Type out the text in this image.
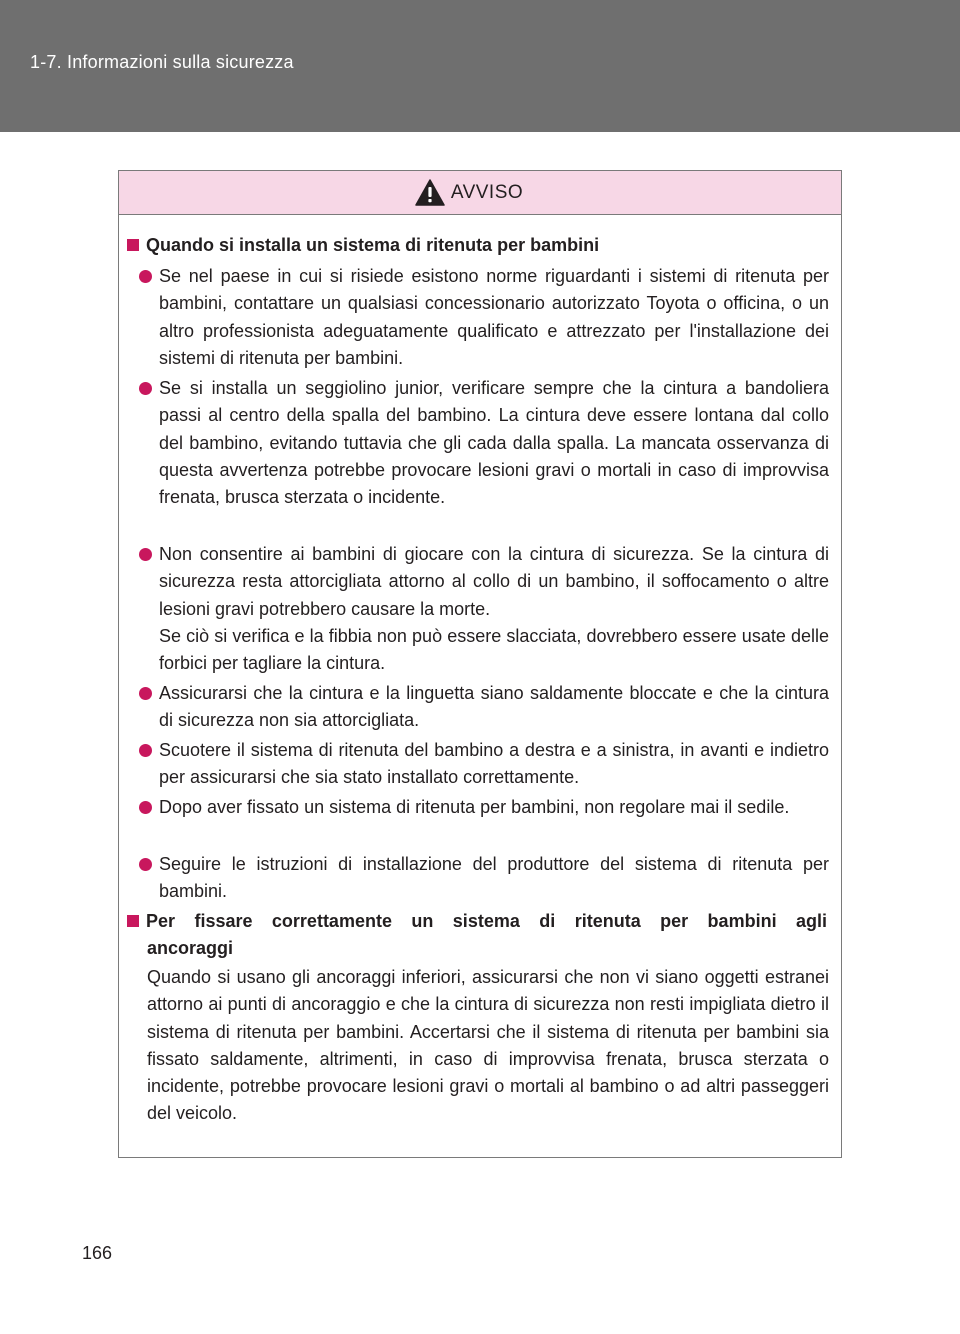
1-7. Informazioni sulla sicurezza
AVVISO
Quando si installa un sistema di ritenuta per bambini
Se nel paese in cui si risiede esistono norme riguardanti i sistemi di ritenuta per bambini, contattare un qualsiasi concessionario autorizzato Toyota o officina, o un altro professionista adeguatamente qualificato e attrezzato per l'installazione dei sistemi di ritenuta per bambini.
Se si installa un seggiolino junior, verificare sempre che la cintura a bandoliera passi al centro della spalla del bambino. La cintura deve essere lontana dal collo del bambino, evitando tuttavia che gli cada dalla spalla. La mancata osservanza di questa avvertenza potrebbe provocare lesioni gravi o mortali in caso di improvvisa frenata, brusca sterzata o incidente.
Non consentire ai bambini di giocare con la cintura di sicurezza. Se la cintura di sicurezza resta attorcigliata attorno al collo di un bambino, il soffocamento o altre lesioni gravi potrebbero causare la morte.
Se ciò si verifica e la fibbia non può essere slacciata, dovrebbero essere usate delle forbici per tagliare la cintura.
Assicurarsi che la cintura e la linguetta siano saldamente bloccate e che la cintura di sicurezza non sia attorcigliata.
Scuotere il sistema di ritenuta del bambino a destra e a sinistra, in avanti e indietro per assicurarsi che sia stato installato correttamente.
Dopo aver fissato un sistema di ritenuta per bambini, non regolare mai il sedile.
Seguire le istruzioni di installazione del produttore del sistema di ritenuta per bambini.
Per fissare correttamente un sistema di ritenuta per bambini agli
ancoraggi
Quando si usano gli ancoraggi inferiori, assicurarsi che non vi siano oggetti estranei attorno ai punti di ancoraggio e che la cintura di sicurezza non resti impigliata dietro il sistema di ritenuta per bambini. Accertarsi che il sistema di ritenuta per bambini sia fissato saldamente, altrimenti, in caso di improvvisa frenata, brusca sterzata o incidente, potrebbe provocare lesioni gravi o mortali al bambino o ad altri passeggeri del veicolo.
166
